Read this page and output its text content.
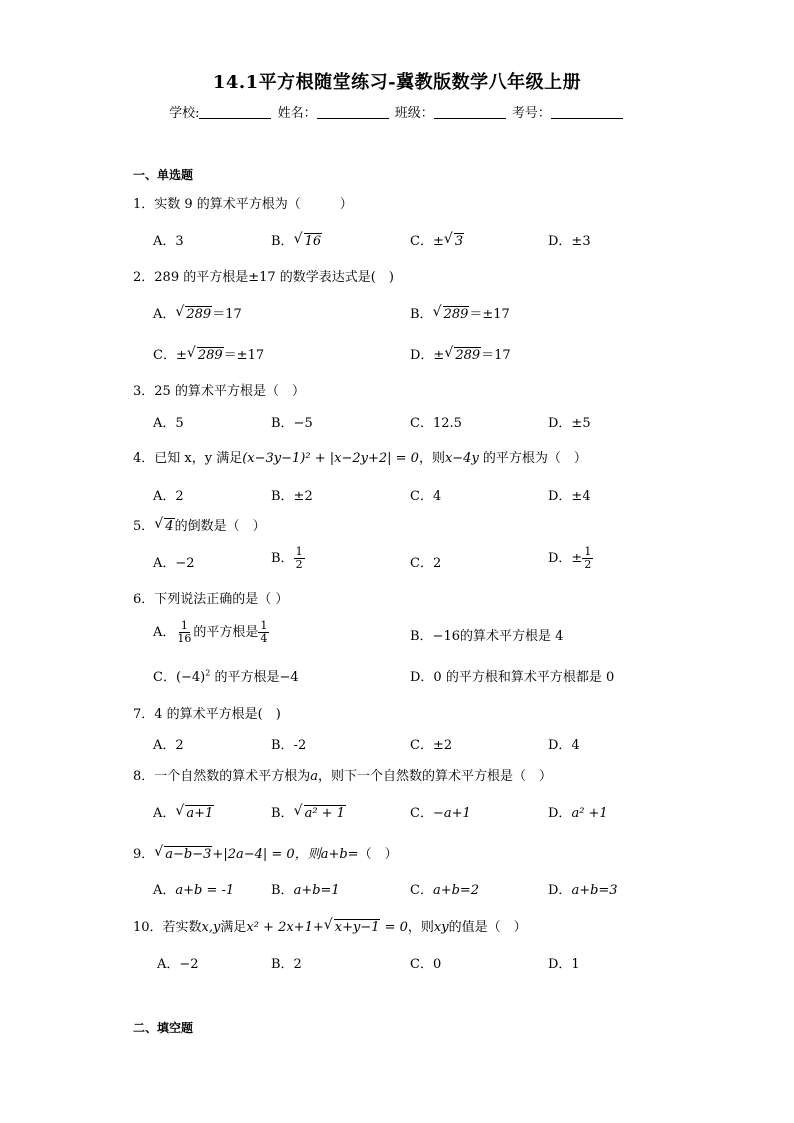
14.1平方根随堂练习-冀教版数学八年级上册
学校:	姓名：	班级：	考号：
一、单选题
1．实数 9 的算术平方根为（　　　）
A．3	B． √ 16	C．± √ 3	D．±3
2．289 的平方根是±17 的数学表达式是(　)
A． √ 289＝17	B． √ 289＝±17
C．± √ 289＝±17	D．± √ 289＝17
3．25 的算术平方根是（　）
A．5	B．−5	C．12.5	D．±5
4．已知 x，y 满足(x−3y−1)² + |x−2y+2| = 0，则x−4y 的平方根为（　）
A．2	B．±2	C．4	D．±4
5． √ 4的倒数是（　）
A．−2	B． $\frac{1}{2}$	C．2	D．± $\frac{1}{2}$
6．下列说法正确的是（ ）
A． $\frac{1}{16}$ 的平方根是 $\frac{1}{4}$	B．−16的算术平方根是 4
C．$(-4)^2$ 的平方根是−4	D．0 的平方根和算术平方根都是 0
7．4 的算术平方根是(　)
A．2	B．-2	C．±2	D．4
8．一个自然数的算术平方根为a，则下一个自然数的算术平方根是（　）
A． √ a+1	B． √ a² + 1	C．−a+1	D．a² +1
9． √ a−b−3+|2a−4| = 0，则a+b=（　）
A．a+b = -1	B．a+b=1	C．a+b=2	D．a+b=3
10．若实数x,y满足x² + 2x+1+ √ x+y−1 = 0，则xy的值是（　）
A．−2	B．2	C．0	D．1
二、填空题
